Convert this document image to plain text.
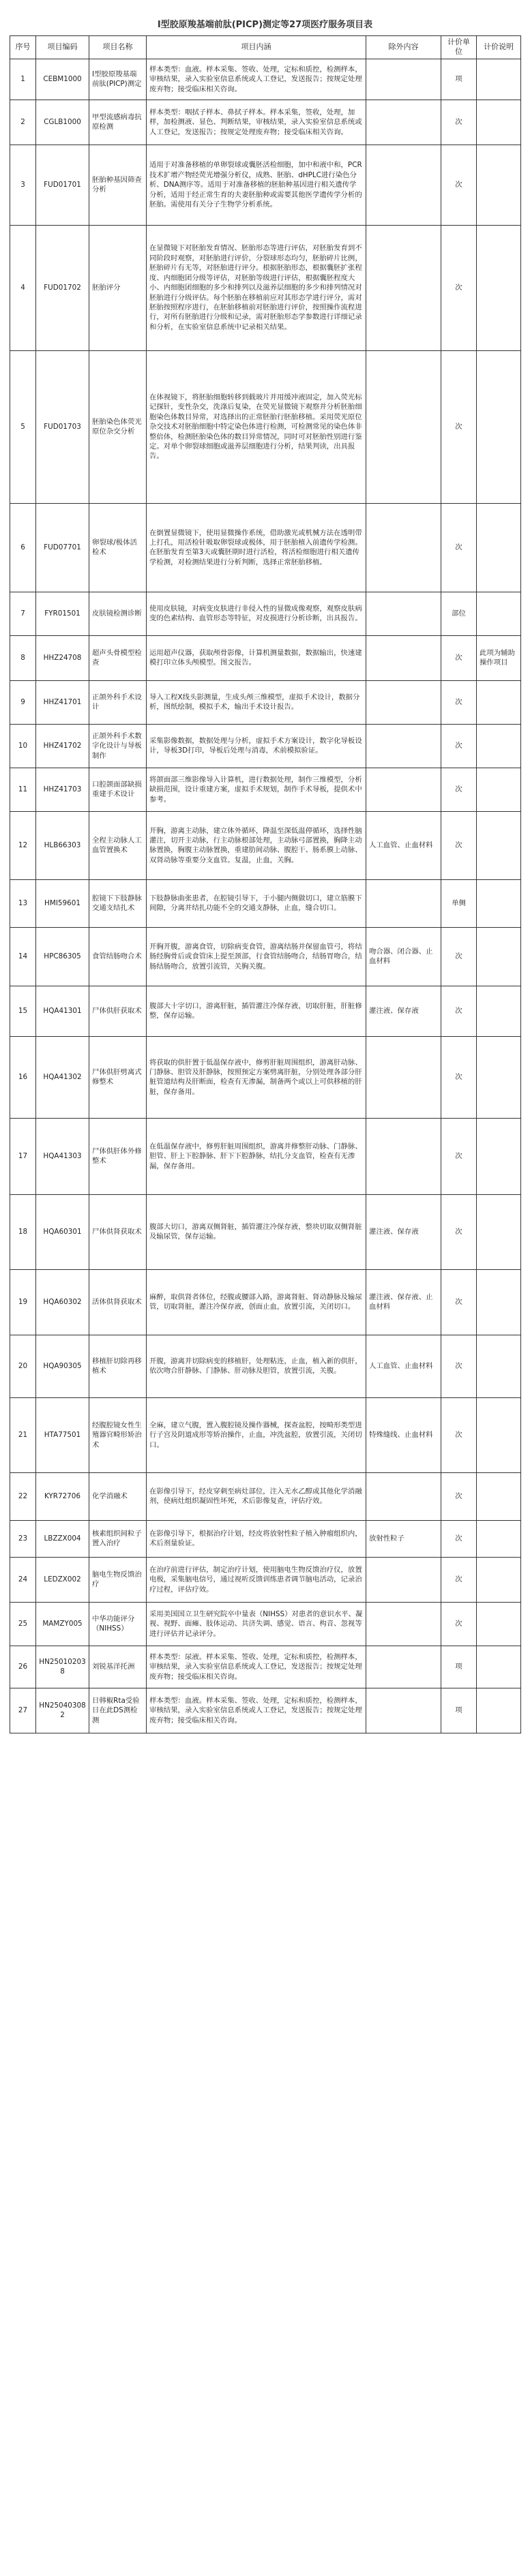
Ⅰ型胶原羧基端前肽(PICP)测定等27项医疗服务项目表
序号	项目编码	项目名称	项目内涵	除外内容	计价单位	计价说明
1	CEBM1000	Ⅰ型胶原羧基端前肽(PICP)测定	样本类型：血液。样本采集、签收、处理，定标和质控，检测样本，审核结果，录入实验室信息系统或人工登记，发送报告；按规定处理废弃物；接受临床相关咨询。		项	
2	CGLB1000	甲型流感病毒抗原检测	样本类型：咽拭子样本、鼻拭子样本。样本采集，签收，处理，加样，加检测液、显色、判断结果，审核结果，录入实验室信息系统或人工登记，发送报告；按规定处理废弃物；接受临床相关咨询。		次	
3	FUD01701	胚胎种基因筛查分析	适用于对准备移植的单卵裂球或囊胚活检细胞，加中和液中和，PCR技术扩增产物经荧光增强分析仪，成熟、胚胎、dHPLC进行染色分析、DNA测序等。适用于对准备移植的胚胎种基因进行相关遗传学分析，适用于经正常生育的夫妻胚胎种或需要其他医学遗传学分析的胚胎。需使用有关分子生物学分析系统。		次	
4	FUD01702	胚胎评分	在显微镜下对胚胎发育情况、胚胎形态等进行评估，对胚胎发育到不同阶段时观察，对胚胎进行评价，分裂球形态均匀，胚胎碎片比例，胚胎碎片有无等，对胚胎进行评分。根据胚胎形态，根据囊胚扩张程度、内细胞团分级等评估，对胚胎等级进行评估，根据囊胚程度大小、内细胞团细胞的多少和排列以及滋养层细胞的多少和排列情况对胚胎进行分级评估。每个胚胎在移植前应对其形态学进行评分，需对胚胎按照程序进行，在胚胎移植前对胚胎进行评价，按照操作流程进行，对所有胚胎进行分级和记录，需对胚胎形态学参数进行详细记录和分析，在实验室信息系统中记录相关结果。		次	
5	FUD01703	胚胎染色体荧光原位杂交分析	在体视镜下，将胚胎细胞转移到载玻片并用缓冲液固定，加入荧光标记探针，变性杂交，洗涤后复染，在荧光显微镜下观察并分析胚胎细胞染色体数目异常，对选择出的正常胚胎行胚胎移植。采用荧光原位杂交技术对胚胎细胞中特定染色体进行检测，可检测常见的染色体非整倍体，检测胚胎染色体的数目异常情况，同时可对胚胎性别进行鉴定。对单个卵裂球细胞或滋养层细胞进行分析，结果判读，出具报告。		次	
6	FUD07701	卵裂球/极体活检术	在倒置显微镜下，使用显微操作系统，借助激光或机械方法在透明带上打孔，用活检针吸取卵裂球或极体，用于胚胎植入前遗传学检测。在胚胎发育至第3天或囊胚期时进行活检，将活检细胞进行相关遗传学检测，对检测结果进行分析判断，选择正常胚胎移植。		次	
7	FYR01501	皮肤镜检测诊断	使用皮肤镜，对病变皮肤进行非侵入性的显微成像观察，观察皮肤病变的色素结构、血管形态等特征，对皮损进行分析诊断，出具报告。		部位	
8	HHZ24708	超声头骨模型检查	运用超声仪器，获取颅骨影像，计算机测量数据，数据输出，快速建模打印立体头颅模型。图文报告。		次	此项为辅助操作项目
9	HHZ41701	正颌外科手术设计	导入工程X线头影测量，生成头颅三维模型，虚拟手术设计，数据分析，图纸绘制，模拟手术，输出手术设计报告。		次	
10	HHZ41702	正颌外科手术数字化设计与导板制作	采集影像数据，数据处理与分析，虚拟手术方案设计，数字化导板设计，导板3D打印，导板后处理与消毒，术前模拟验证。		次	
11	HHZ41703	口腔颌面部缺损重建手术设计	将颌面部三维影像导入计算机，进行数据处理，制作三维模型，分析缺损范围，设计重建方案，虚拟手术规划，制作手术导板，提供术中参考。		次	
12	HLB66303	全程主动脉人工血管置换术	开胸，游离主动脉，建立体外循环，降温至深低温停循环，选择性脑灌注，切开主动脉，行主动脉根部处理，主动脉弓部置换，胸降主动脉置换，胸腹主动脉置换，重建肋间动脉、腹腔干、肠系膜上动脉、双肾动脉等重要分支血管。复温，止血，关胸。	人工血管、止血材料	次	
13	HMI59601	腔镜下下肢静脉交通支结扎术	下肢静脉曲张患者，在腔镜引导下，于小腿内侧做切口，建立筋膜下间隙，分离并结扎功能不全的交通支静脉，止血，缝合切口。		单侧	
14	HPC86305	食管结肠吻合术	开胸开腹，游离食管，切除病变食管，游离结肠并保留血管弓，将结肠经胸骨后或食管床上提至颈部，行食管结肠吻合，结肠胃吻合，结肠结肠吻合，放置引流管，关胸关腹。	吻合器、闭合器、止血材料	次	
15	HQA41301	尸体供肝获取术	腹部大十字切口，游离肝脏，插管灌注冷保存液，切取肝脏，肝脏修整，保存运输。	灌注液、保存液	次	
16	HQA41302	尸体供肝劈离式修整术	将获取的供肝置于低温保存液中，修剪肝脏周围组织，游离肝动脉、门静脉、胆管及肝静脉，按照预定方案劈离肝脏，分别处理各部分肝脏管道结构及肝断面，检查有无渗漏，制备两个或以上可供移植的肝脏，保存备用。		次	
17	HQA41303	尸体供肝体外修整术	在低温保存液中，修剪肝脏周围组织，游离并修整肝动脉、门静脉、胆管、肝上下腔静脉、肝下下腔静脉，结扎分支血管，检查有无渗漏，保存备用。		次	
18	HQA60301	尸体供肾获取术	腹部大切口，游离双侧肾脏，插管灌注冷保存液，整块切取双侧肾脏及输尿管，保存运输。	灌注液、保存液	次	
19	HQA60302	活体供肾获取术	麻醉，取供肾者体位，经腹或腰部入路，游离肾脏、肾动静脉及输尿管，切取肾脏，灌注冷保存液，创面止血，放置引流，关闭切口。	灌注液、保存液、止血材料	次	
20	HQA90305	移植肝切除再移植术	开腹，游离并切除病变的移植肝，处理粘连，止血，植入新的供肝，依次吻合肝静脉、门静脉、肝动脉及胆管，放置引流，关腹。	人工血管、止血材料	次	
21	HTA77501	经腹腔镜女性生殖器官畸形矫治术	全麻，建立气腹，置入腹腔镜及操作器械，探查盆腔，按畸形类型进行子宫及阴道成形等矫治操作，止血，冲洗盆腔，放置引流，关闭切口。	特殊缝线、止血材料	次	
22	KYR72706	化学消融术	在影像引导下，经皮穿刺至病灶部位，注入无水乙醇或其他化学消融剂，使病灶组织凝固性坏死，术后影像复查，评估疗效。		次	
23	LBZZX004	核素组织间粒子置入治疗	在影像引导下，根据治疗计划，经皮将放射性粒子植入肿瘤组织内，术后剂量验证。	放射性粒子	次	
24	LEDZX002	脑电生物反馈治疗	在治疗前进行评估，制定治疗计划，使用脑电生物反馈治疗仪，放置电极，采集脑电信号，通过视听反馈训练患者调节脑电活动，记录治疗过程，评估疗效。		次	
25	MAMZY005	中华功能评分（NIHSS）	采用美国国立卫生研究院卒中量表（NIHSS）对患者的意识水平、凝视、视野、面瘫、肢体运动、共济失调、感觉、语言、构音、忽视等进行评估并记录评分。		次	
26	HN250102038	刘锐基洋托洲	样本类型：尿液。样本采集、签收、处理，定标和质控，检测样本，审核结果，录入实验室信息系统或人工登记，发送报告；按规定处理废弃物；接受临床相关咨询。		项	
27	HN250403082	日韩椒Rta受验日在此DS测检测	样本类型：血液。样本采集、签收、处理，定标和质控，检测样本，审核结果，录入实验室信息系统或人工登记，发送报告；按规定处理废弃物；接受临床相关咨询。		项	
